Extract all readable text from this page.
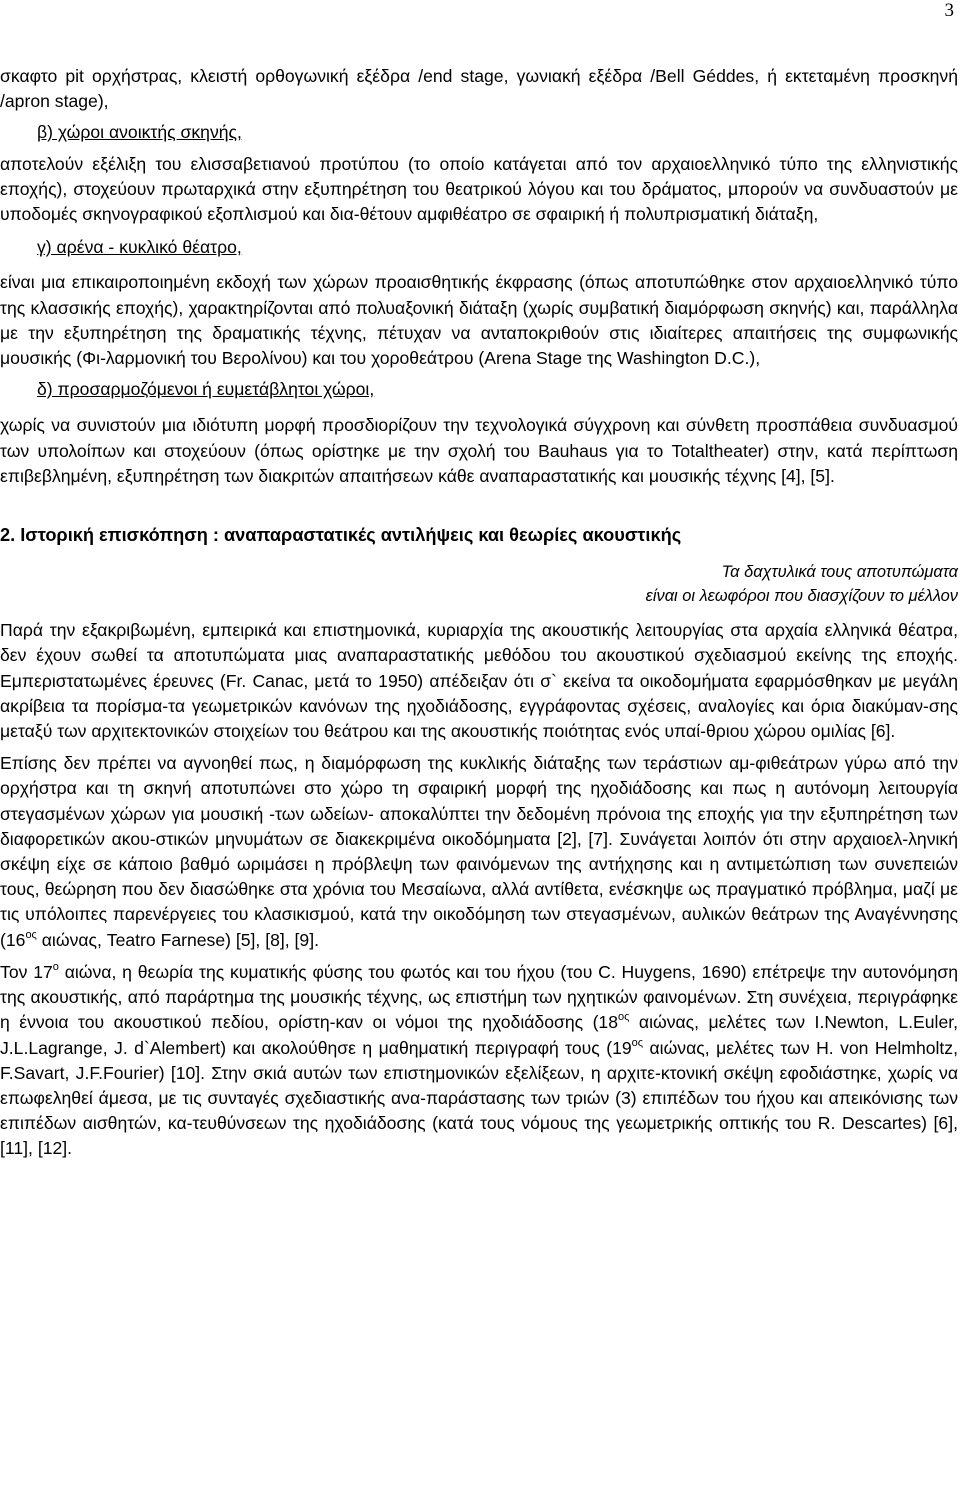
3

σκαφτο pit ορχήστρας, κλειστή ορθογωνική εξέδρα /end stage, γωνιακή εξέδρα /Bell Géddes, ή εκτεταμένη προσκηνή /apron stage),

β) χώροι ανοικτής σκηνής,

αποτελούν εξέλιξη του ελισσαβετιανού προτύπου (το οποίο κατάγεται από τον αρχαιοελληνικό τύπο της ελληνιστικής εποχής), στοχεύουν πρωταρχικά στην εξυπηρέτηση του θεατρικού λόγου και του δράματος, μπορούν να συνδυαστούν με υποδομές σκηνογραφικού εξοπλισμού και δια-θέτουν αμφιθέατρο σε σφαιρική ή πολυπρισματική διάταξη,

γ) αρένα - κυκλικό θέατρο,

είναι μια επικαιροποιημένη εκδοχή των χώρων προαισθητικής έκφρασης (όπως αποτυπώθηκε στον αρχαιοελληνικό τύπο της κλασσικής εποχής), χαρακτηρίζονται από πολυαξονική διάταξη (χωρίς συμβατική διαμόρφωση σκηνής) και, παράλληλα με την εξυπηρέτηση της δραματικής τέχνης, πέτυχαν να ανταποκριθούν στις ιδιαίτερες απαιτήσεις της συμφωνικής μουσικής (Φι-λαρμονική του Βερολίνου) και του χοροθεάτρου (Arena Stage της Washington D.C.),

δ) προσαρμοζόμενοι ή ευμετάβλητοι χώροι,

χωρίς να συνιστούν μια ιδιότυπη μορφή προσδιορίζουν την τεχνολογικά σύγχρονη και σύνθετη προσπάθεια συνδυασμού των υπολοίπων και στοχεύουν (όπως ορίστηκε με την σχολή του Bauhaus για το Totaltheater) στην, κατά περίπτωση επιβεβλημένη, εξυπηρέτηση των διακριτών απαιτήσεων κάθε αναπαραστατικής και μουσικής τέχνης [4], [5].

2. Ιστορική επισκόπηση : αναπαραστατικές αντιλήψεις και θεωρίες ακουστικής

Τα δαχτυλικά τους αποτυπώματα
είναι οι λεωφόροι που διασχίζουν το μέλλον

Παρά την εξακριβωμένη, εμπειρικά και επιστημονικά, κυριαρχία της ακουστικής λειτουργίας στα αρχαία ελληνικά θέατρα, δεν έχουν σωθεί τα αποτυπώματα μιας αναπαραστατικής μεθόδου του ακουστικού σχεδιασμού εκείνης της εποχής. Εμπεριστατωμένες έρευνες (Fr. Canac, μετά το 1950) απέδειξαν ότι σ` εκείνα τα οικοδομήματα εφαρμόσθηκαν με μεγάλη ακρίβεια τα πορίσμα-τα γεωμετρικών κανόνων της ηχοδιάδοσης, εγγράφοντας σχέσεις, αναλογίες και όρια διακύμαν-σης μεταξύ των αρχιτεκτονικών στοιχείων του θεάτρου και της ακουστικής ποιότητας ενός υπαί-θριου χώρου ομιλίας [6].

Επίσης δεν πρέπει να αγνοηθεί πως, η διαμόρφωση της κυκλικής διάταξης των τεράστιων αμ-φιθεάτρων γύρω από την ορχήστρα και τη σκηνή αποτυπώνει στο χώρο τη σφαιρική μορφή της ηχοδιάδοσης και πως η αυτόνομη λειτουργία στεγασμένων χώρων για μουσική -των ωδείων- αποκαλύπτει την δεδομένη πρόνοια της εποχής για την εξυπηρέτηση των διαφορετικών ακου-στικών μηνυμάτων σε διακεκριμένα οικοδόμηματα [2], [7]. Συνάγεται λοιπόν ότι στην αρχαιοελ-ληνική σκέψη είχε σε κάποιο βαθμό ωριμάσει η πρόβλεψη των φαινόμενων της αντήχησης και η αντιμετώπιση των συνεπειών τους, θεώρηση που δεν διασώθηκε στα χρόνια του Μεσαίωνα, αλλά αντίθετα, ενέσκηψε ως πραγματικό πρόβλημα, μαζί με τις υπόλοιπες παρενέργειες του κλασικισμού, κατά την οικοδόμηση των στεγασμένων, αυλικών θεάτρων της Αναγέννησης ($16^{o\varsigma}$ αιώνας, Teatro Farnese) [5], [8], [9].

Τον $17^o$ αιώνα, η θεωρία της κυματικής φύσης του φωτός και του ήχου (του C. Huygens, 1690) επέτρεψε την αυτονόμηση της ακουστικής, από παράρτημα της μουσικής τέχνης, ως επιστήμη των ηχητικών φαινομένων. Στη συνέχεια, περιγράφηκε η έννοια του ακουστικού πεδίου, ορίστη-καν οι νόμοι της ηχοδιάδοσης ($18^{o\varsigma}$ αιώνας, μελέτες των I.Newton, L.Euler, J.L.Lagrange, J. d`Alembert) και ακολούθησε η μαθηματική περιγραφή τους ($19^{o\varsigma}$ αιώνας, μελέτες των H. von Helmholtz, F.Savart, J.F.Fourier) [10]. Στην σκιά αυτών των επιστημονικών εξελίξεων, η αρχιτε-κτονική σκέψη εφοδιάστηκε, χωρίς να επωφεληθεί άμεσα, με τις συνταγές σχεδιαστικής ανα-παράστασης των τριών (3) επιπέδων του ήχου και απεικόνισης των επιπέδων αισθητών, κα-τευθύνσεων της ηχοδιάδοσης (κατά τους νόμους της γεωμετρικής οπτικής του R. Descartes) [6], [11], [12].
